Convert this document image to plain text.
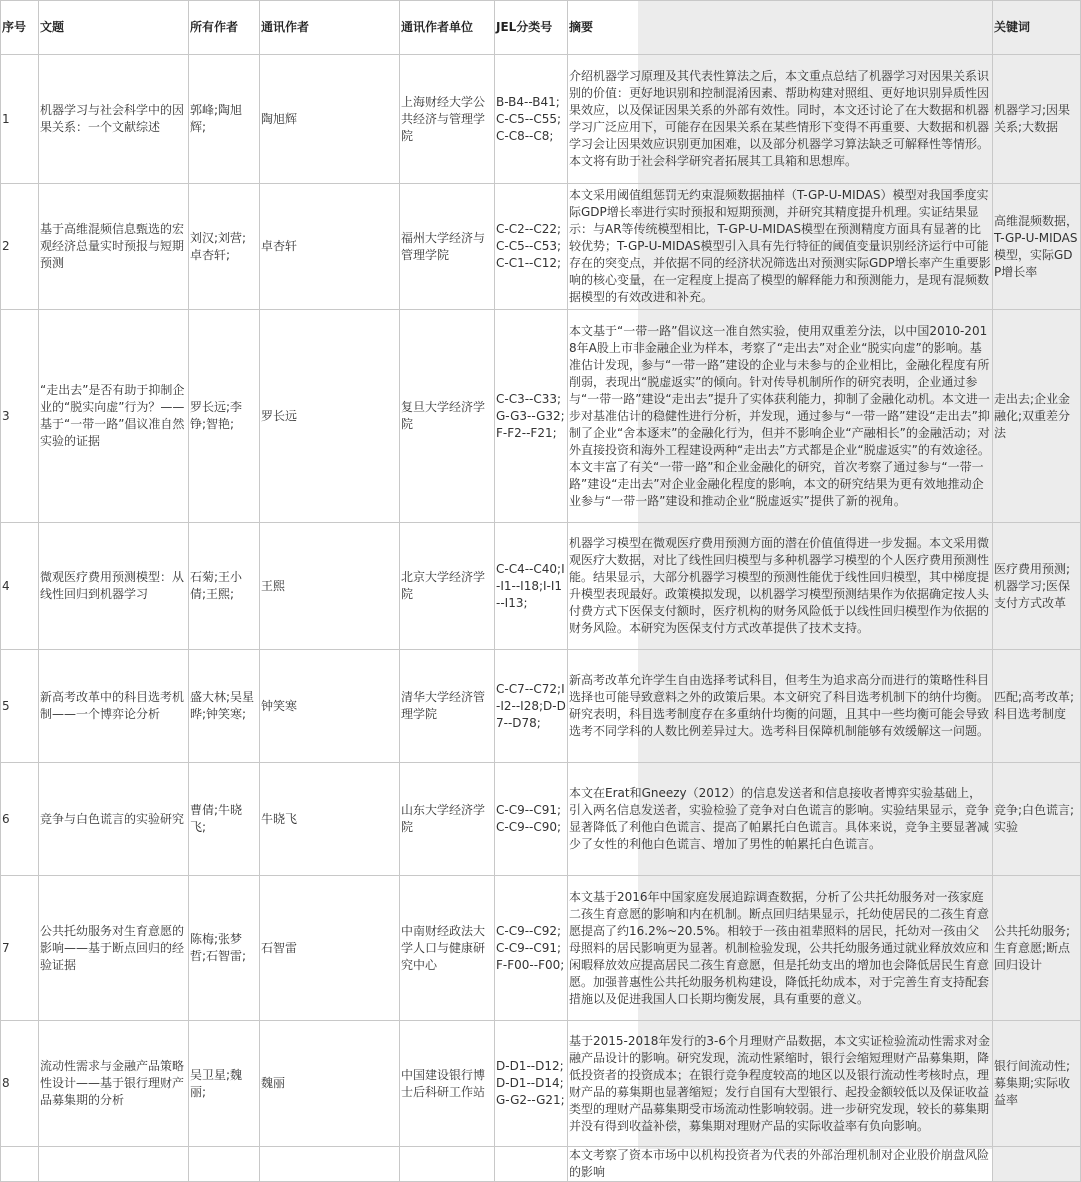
序号	文题	所有作者	通讯作者	通讯作者单位	JEL分类号	摘要	关键词
1	机器学习与社会科学中的因果关系：一个文献综述	郭峰;陶旭辉;	陶旭辉	上海财经大学公共经济与管理学院	B-B4--B41;C-C5--C55;C-C8--C8;	介绍机器学习原理及其代表性算法之后，本文重点总结了机器学习对因果关系识别的价值：更好地识别和控制混淆因素、帮助构建对照组、更好地识别异质性因果效应，以及保证因果关系的外部有效性。同时，本文还讨论了在大数据和机器学习广泛应用下，可能存在因果关系在某些情形下变得不再重要、大数据和机器学习会让因果效应识别更加困难，以及部分机器学习算法缺乏可解释性等情形。本文将有助于社会科学研究者拓展其工具箱和思想库。	机器学习;因果关系;大数据
2	基于高维混频信息甄选的宏观经济总量实时预报与短期预测	刘汉;刘营;卓杏轩;	卓杏轩	福州大学经济与管理学院	C-C2--C22;C-C5--C53;C-C1--C12;	本文采用阈值组惩罚无约束混频数据抽样（T-GP-U-MIDAS）模型对我国季度实际GDP增长率进行实时预报和短期预测，并研究其精度提升机理。实证结果显示：与AR等传统模型相比，T-GP-U-MIDAS模型在预测精度方面具有显著的比较优势；T-GP-U-MIDAS模型引入具有先行特征的阈值变量识别经济运行中可能存在的突变点，并依据不同的经济状况筛选出对预测实际GDP增长率产生重要影响的核心变量，在一定程度上提高了模型的解释能力和预测能力，是现有混频数据模型的有效改进和补充。	高维混频数据，T-GP-U-MIDAS模型，实际GDP增长率
3	“走出去”是否有助于抑制企业的“脱实向虚”行为？——基于“一带一路”倡议准自然实验的证据	罗长远;李铮;智艳;	罗长远	复旦大学经济学院	C-C3--C33;G-G3--G32;F-F2--F21;	本文基于“一带一路”倡议这一准自然实验，使用双重差分法，以中国2010-2018年A股上市非金融企业为样本，考察了“走出去”对企业“脱实向虚”的影响。基准估计发现，参与“一带一路”建设的企业与未参与的企业相比，金融化程度有所削弱，表现出“脱虚返实”的倾向。针对传导机制所作的研究表明，企业通过参与“一带一路”建设“走出去”提升了实体获利能力，抑制了金融化动机。本文进一步对基准估计的稳健性进行分析，并发现，通过参与“一带一路”建设“走出去”抑制了企业“舍本逐末”的金融化行为，但并不影响企业“产融相长”的金融活动；对外直接投资和海外工程建设两种“走出去”方式都是企业“脱虚返实”的有效途径。本文丰富了有关“一带一路”和企业金融化的研究，首次考察了通过参与“一带一路”建设“走出去”对企业金融化程度的影响，本文的研究结果为更有效地推动企业参与“一带一路”建设和推动企业“脱虚返实”提供了新的视角。	走出去;企业金融化;双重差分法
4	微观医疗费用预测模型：从线性回归到机器学习	石菊;王小倩;王熙;	王熙	北京大学经济学院	C-C4--C40;I-I1--I18;I-I1--I13;	机器学习模型在微观医疗费用预测方面的潜在价值值得进一步发掘。本文采用微观医疗大数据，对比了线性回归模型与多种机器学习模型的个人医疗费用预测性能。结果显示，大部分机器学习模型的预测性能优于线性回归模型，其中梯度提升模型表现最好。政策模拟发现，以机器学习模型预测结果作为依据确定按人头付费方式下医保支付额时，医疗机构的财务风险低于以线性回归模型作为依据的财务风险。本研究为医保支付方式改革提供了技术支持。	医疗费用预测;机器学习;医保支付方式改革
5	新高考改革中的科目选考机制——一个博弈论分析	盛大林;吴星晔;钟笑寒;	钟笑寒	清华大学经济管理学院	C-C7--C72;I-I2--I28;D-D7--D78;	新高考改革允许学生自由选择考试科目，但考生为追求高分而进行的策略性科目选择也可能导致意料之外的政策后果。本文研究了科目选考机制下的纳什均衡。研究表明，科目选考制度存在多重纳什均衡的问题，且其中一些均衡可能会导致选考不同学科的人数比例差异过大。选考科目保障机制能够有效缓解这一问题。	匹配;高考改革;科目选考制度
6	竞争与白色谎言的实验研究	曹倩;牛晓飞;	牛晓飞	山东大学经济学院	C-C9--C91;C-C9--C90;	本文在Erat和Gneezy（2012）的信息发送者和信息接收者博弈实验基础上，引入两名信息发送者，实验检验了竞争对白色谎言的影响。实验结果显示，竞争显著降低了利他白色谎言、提高了帕累托白色谎言。具体来说，竞争主要显著减少了女性的利他白色谎言、增加了男性的帕累托白色谎言。	竞争;白色谎言;实验
7	公共托幼服务对生育意愿的影响——基于断点回归的经验证据	陈梅;张梦哲;石智雷;	石智雷	中南财经政法大学人口与健康研究中心	C-C9--C92;C-C9--C91;F-F00--F00;	本文基于2016年中国家庭发展追踪调查数据，分析了公共托幼服务对一孩家庭二孩生育意愿的影响和内在机制。断点回归结果显示，托幼使居民的二孩生育意愿提高了约16.2%~20.5%。相较于一孩由祖辈照料的居民，托幼对一孩由父母照料的居民影响更为显著。机制检验发现，公共托幼服务通过就业释放效应和闲暇释放效应提高居民二孩生育意愿，但是托幼支出的增加也会降低居民生育意愿。加强普惠性公共托幼服务机构建设，降低托幼成本，对于完善生育支持配套措施以及促进我国人口长期均衡发展，具有重要的意义。	公共托幼服务;生育意愿;断点回归设计
8	流动性需求与金融产品策略性设计——基于银行理财产品募集期的分析	吴卫星;魏丽;	魏丽	中国建设银行博士后科研工作站	D-D1--D12;D-D1--D14;G-G2--G21;	基于2015-2018年发行的3-6个月理财产品数据，本文实证检验流动性需求对金融产品设计的影响。研究发现，流动性紧缩时，银行会缩短理财产品募集期，降低投资者的投资成本；在银行竞争程度较高的地区以及银行流动性考核时点，理财产品的募集期也显著缩短；发行自国有大型银行、起投金额较低以及保证收益类型的理财产品募集期受市场流动性影响较弱。进一步研究发现，较长的募集期并没有得到收益补偿，募集期对理财产品的实际收益率有负向影响。	银行间流动性;募集期;实际收益率
						本文考察了资本市场中以机构投资者为代表的外部治理机制对企业股价崩盘风险的影响	
